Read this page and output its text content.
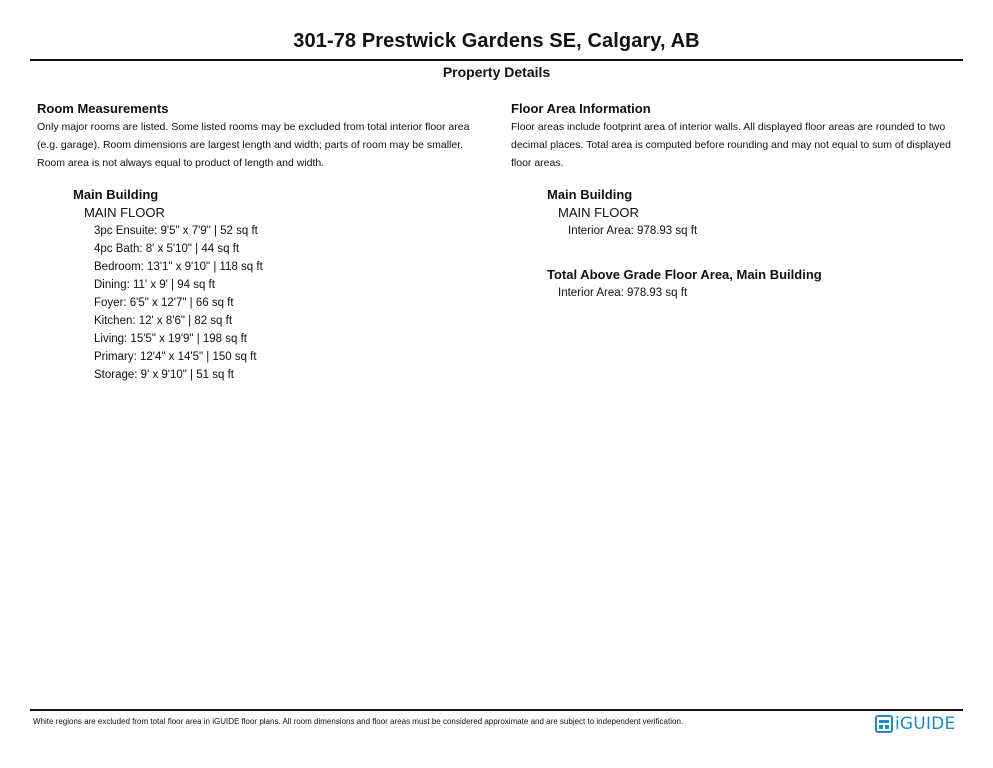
301-78 Prestwick Gardens SE, Calgary, AB
Property Details

Room Measurements

Only major rooms are listed. Some listed rooms may be excluded from total interior floor area (e.g. garage). Room dimensions are largest length and width; parts of room may be smaller. Room area is not always equal to product of length and width.

Main Building
MAIN FLOOR
3pc Ensuite: 9'5" x 7'9" | 52 sq ft
4pc Bath: 8' x 5'10" | 44 sq ft
Bedroom: 13'1" x 9'10" | 118 sq ft
Dining: 11' x 9' | 94 sq ft
Foyer: 6'5" x 12'7" | 66 sq ft
Kitchen: 12' x 8'6" | 82 sq ft
Living: 15'5" x 19'9" | 198 sq ft
Primary: 12'4" x 14'5" | 150 sq ft
Storage: 9' x 9'10" | 51 sq ft

Floor Area Information

Floor areas include footprint area of interior walls. All displayed floor areas are rounded to two decimal places. Total area is computed before rounding and may not equal to sum of displayed floor areas.

Main Building
MAIN FLOOR
Interior Area: 978.93 sq ft
Total Above Grade Floor Area, Main Building
Interior Area: 978.93 sq ft
White regions are excluded from total floor area in iGUIDE floor plans. All room dimensions and floor areas must be considered approximate and are subject to independent verification.	iGUIDE
